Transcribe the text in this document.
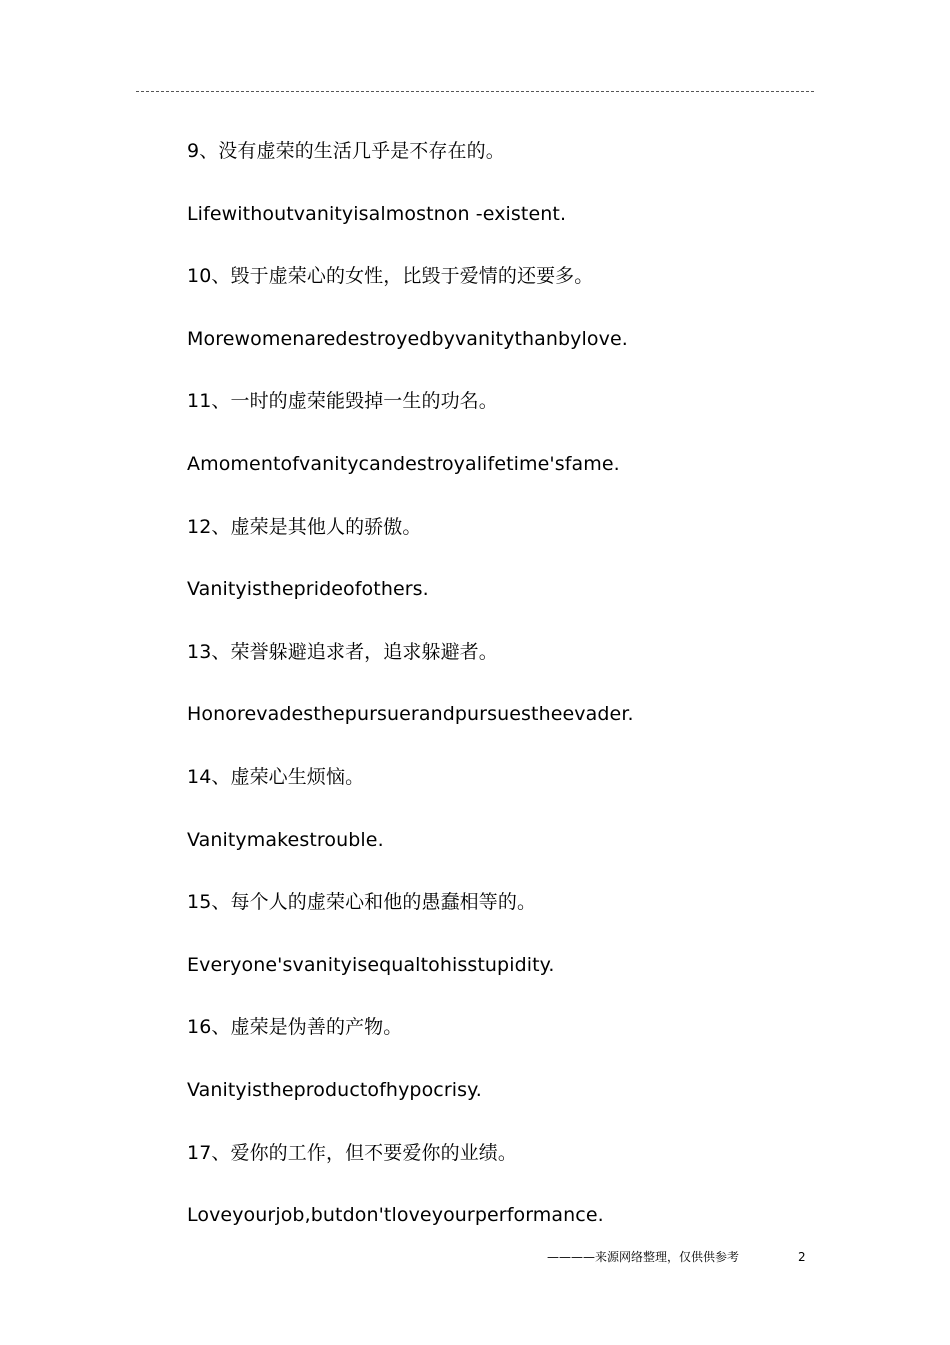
9、没有虚荣的生活几乎是不存在的。
Lifewithoutvanityisalmostnon -existent.
10、毁于虚荣心的女性，比毁于爱情的还要多。
Morewomenaredestroyedbyvanitythanbylove.
11、一时的虚荣能毁掉一生的功名。
Amomentofvanitycandestroyalifetime'sfame.
12、虚荣是其他人的骄傲。
Vanityistheprideofothers.
13、荣誉躲避追求者，追求躲避者。
Honorevadesthepursuerandpursuestheevader.
14、虚荣心生烦恼。
Vanitymakestrouble.
15、每个人的虚荣心和他的愚蠢相等的。
Everyone'svanityisequaltohisstupidity.
16、虚荣是伪善的产物。
Vanityistheproductofhypocrisy.
17、爱你的工作，但不要爱你的业绩。
Loveyourjob,butdon'tloveyourperformance.
————来源网络整理，仅供供参考	2
